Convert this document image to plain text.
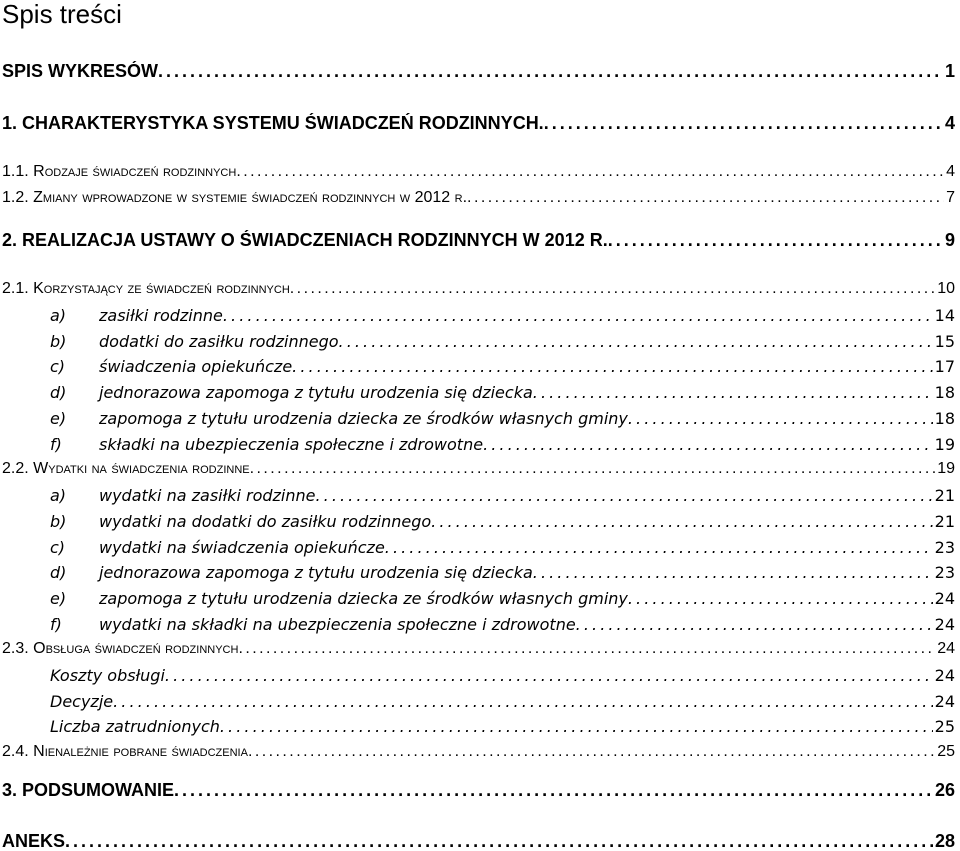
Spis treści
SPIS WYKRESÓW . . .	1
1. CHARAKTERYSTYKA SYSTEMU ŚWIADCZEŃ RODZINNYCH. . . .	4
1.1. Rodzaje świadczeń rodzinnych . . .	4
1.2. Zmiany wprowadzone w systemie świadczeń rodzinnych w 2012 r. . . .	7
2. REALIZACJA USTAWY O ŚWIADCZENIACH RODZINNYCH W 2012 R. . . .	9
2.1. Korzystający ze świadczeń rodzinnych . . .	10
a) zasiłki rodzinne . . .	14
b) dodatki do zasiłku rodzinnego . . .	15
c) świadczenia opiekuńcze . . .	17
d) jednorazowa zapomoga z tytułu urodzenia się dziecka . . .	18
e) zapomoga z tytułu urodzenia dziecka ze środków własnych gminy . . .	18
f) składki na ubezpieczenia społeczne i zdrowotne . . .	19
2.2. Wydatki na świadczenia rodzinne . . .	19
a) wydatki na zasiłki rodzinne . . .	21
b) wydatki na dodatki do zasiłku rodzinnego . . .	21
c) wydatki na świadczenia opiekuńcze . . .	23
d) jednorazowa zapomoga z tytułu urodzenia się dziecka . . .	23
e) zapomoga z tytułu urodzenia dziecka ze środków własnych gminy . . .	24
f) wydatki na składki na ubezpieczenia społeczne i zdrowotne . . .	24
2.3. Obsługa świadczeń rodzinnych . . .	24
Koszty obsługi . . .	24
Decyzje . . .	24
Liczba zatrudnionych . . .	25
2.4. Nienależnie pobrane świadczenia . . .	25
3. PODSUMOWANIE . . .	26
ANEKS . . .	28
